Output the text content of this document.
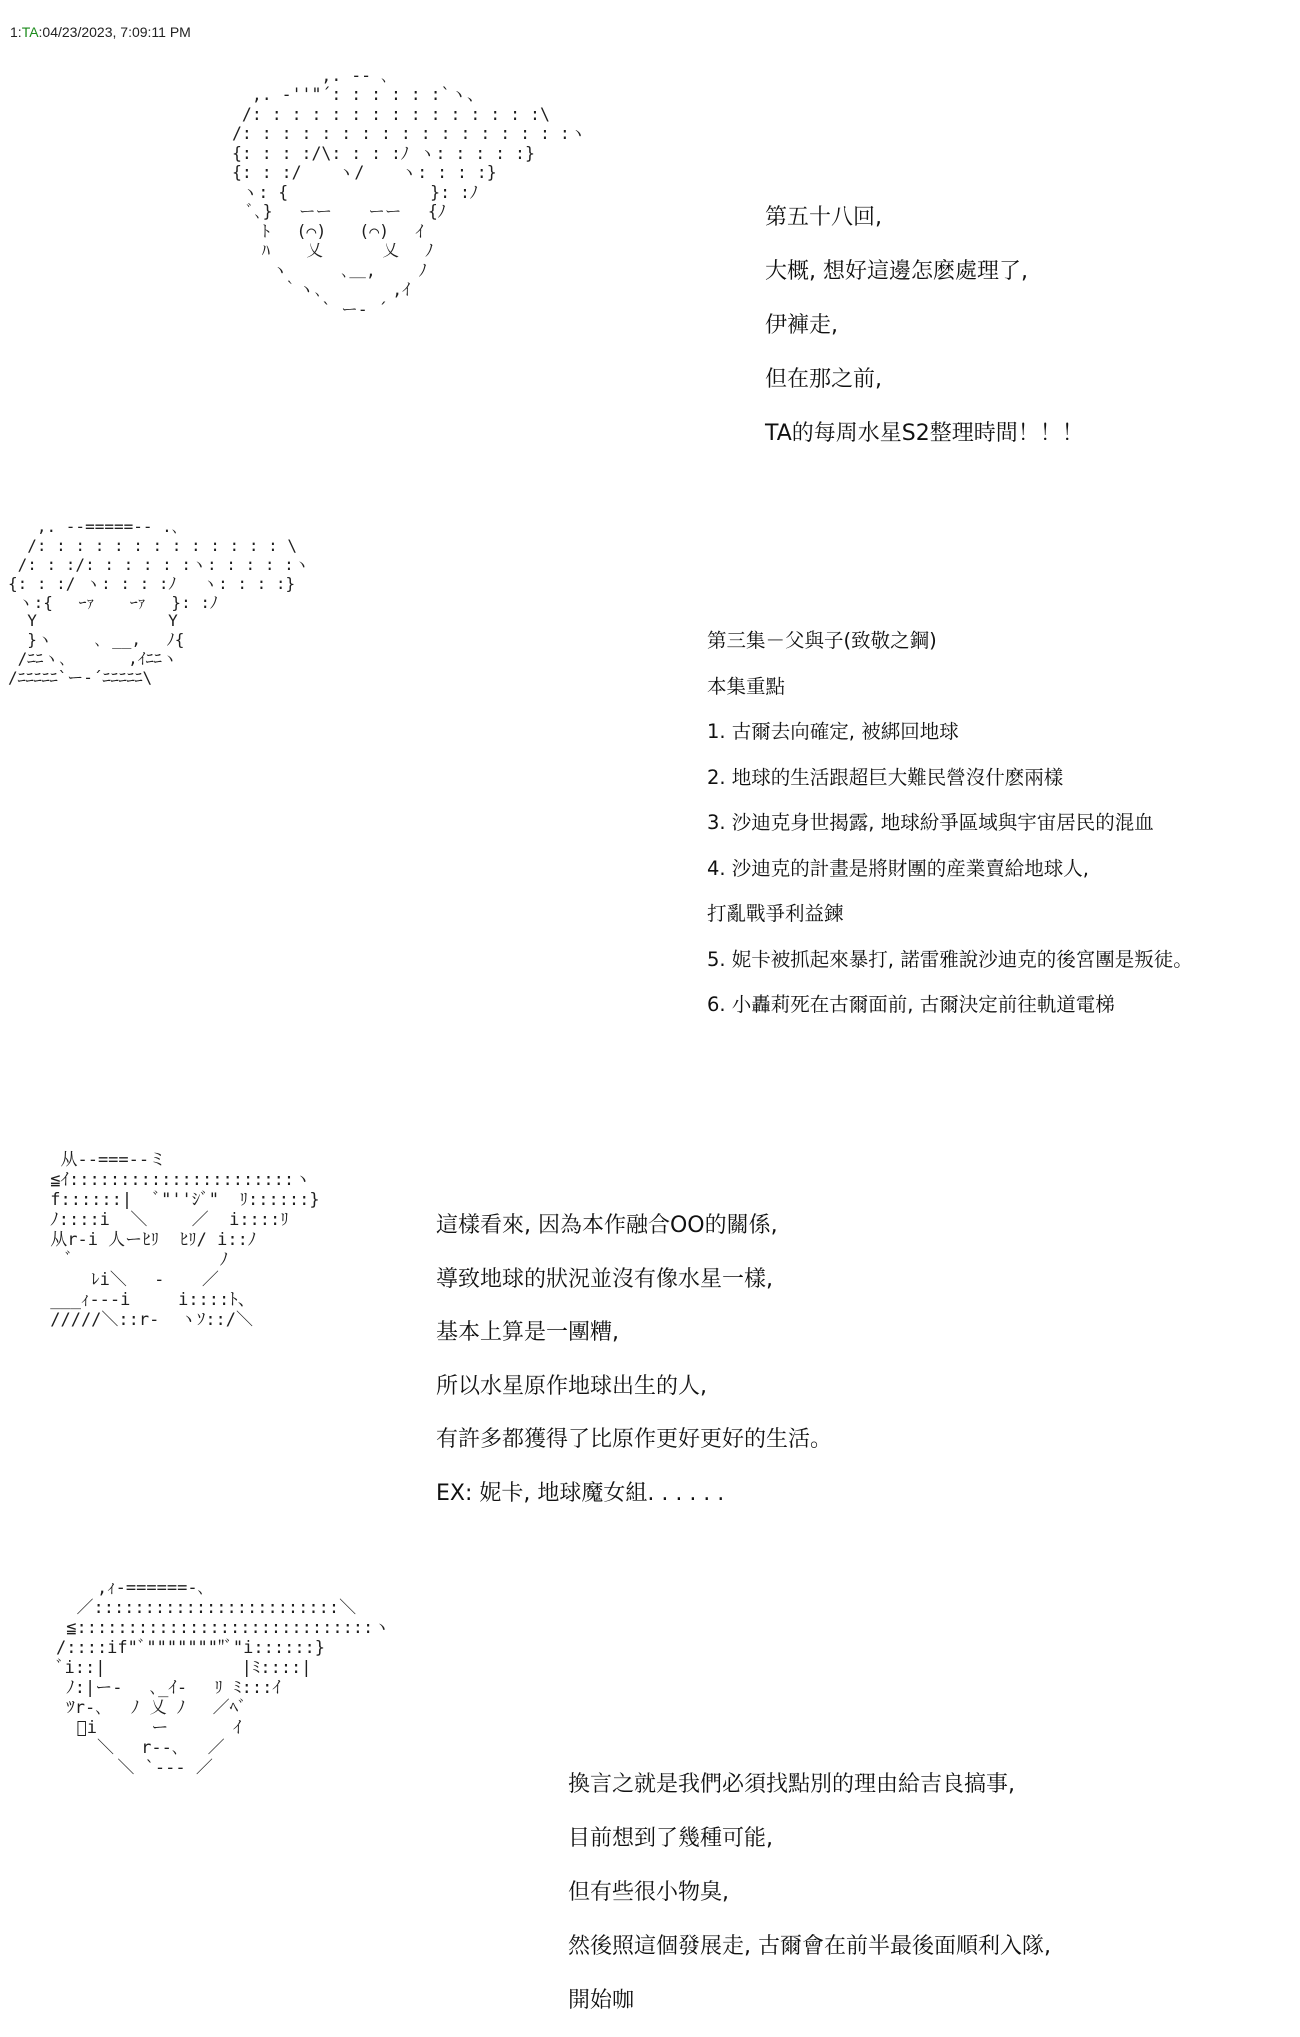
1:TA:04/23/2023, 7:09:11 PM
,. -‐ ､
,. ‐''"´: : : : : :`ヽ、
/: : : : : : : : : : : : : : :\
/: : : : : : : : : : : : : : : : :ヽ
{: : : :/\: : : :ﾉ ヽ: : : : :}
{: : :/ 　 ヽ/ 　 ヽ: : : :}
ヽ: {　　　　　　　　 }: :ﾉ
ﾞ､}　 ーー 　 ーー　 {ﾉ
ﾄ 　(⌒)　　(⌒)　 ｲ
ﾊ　  乂　　　 乂　 ﾉ
ヽ 　　 ､＿, 　　ﾉ
｀ヽ､ 　　　 ,ｲ
` ー‐ ´
第五十八回,
大概, 想好這邊怎麽處理了,
伊褲走,
但在那之前,
TA的每周水星S2整理時間！！！
,. -‐=====‐- .､
/: : : : : : : : : : : : : \
/: : :/: : : : : :ヽ: : : : :ヽ
{: : :/ ヽ: : : :ﾉ　 ヽ: : : :}
ヽ:{ 　ｰｧ 　 ｰｧ　 }: :ﾉ
Y 　　　　　　　 Y
}ヽ　　 ､ __,　 ﾉ{
/ﾆﾆヽ､ 　 　 ,ｲﾆﾆヽ
/ﾆﾆﾆﾆﾆ`ー‐´ﾆﾆﾆﾆﾆ\
第三集－父與子(致敬之鋼)
本集重點
1. 古爾去向確定, 被綁回地球
2. 地球的生活跟超巨大難民營沒什麽兩樣
3. 沙迪克身世揭露, 地球紛爭區域與宇宙居民的混血
4. 沙迪克的計畫是將財團的産業賣給地球人,
打亂戰爭利益鍊
5. 妮卡被抓起來暴打, 諾雷雅說沙迪克的後宮團是叛徒。
6. 小轟莉死在古爾面前, 古爾決定前往軌道電梯
从--===--ミ
≦ｲ::::::::::::::::::::::ヽ
f::::::|  ﾞ"''ｼﾞ"  ﾘ::::::}
ﾉ::::i  ＼　　 ／  i::::ﾘ
从r-i 人ーﾋﾘ  ﾋﾘ/ i::ﾉ
ﾞ　 　 　 　 　  ﾉ
ﾚi＼　 ‐ 　 ／
___ｨ---i  　 i::::ﾄ、
/////＼::r-  ヽｿ::/＼
這樣看來, 因為本作融合OO的關係,
導致地球的狀況並沒有像水星一樣,
基本上算是一團糟,
所以水星原作地球出生的人,
有許多都獲得了比原作更好更好的生活。
EX: 妮卡, 地球魔女組. . . . . .
,ｨ-======-､
／::::::::::::::::::::::::＼
≦:::::::::::::::::::::::::::::ヽ
/::::if"ﾞ""""""""ﾞ"i::::::}
ﾞi::|　 　 　 　 　 |ﾐ::::|
ﾉ:|ー-　 ､_ｲ-　 ﾘ ﾐ:::ｲ
ﾂr-､ 　ﾉ 乂 ﾉ　 ／ﾍﾞ
ﾞi　 　 ー 　 　 ｲ
＼　 r--､　 ／
＼ `--- ／
換言之就是我們必須找點別的理由給吉良搞事,
目前想到了幾種可能,
但有些很小物臭,
然後照這個發展走, 古爾會在前半最後面順利入隊,
開始咖
